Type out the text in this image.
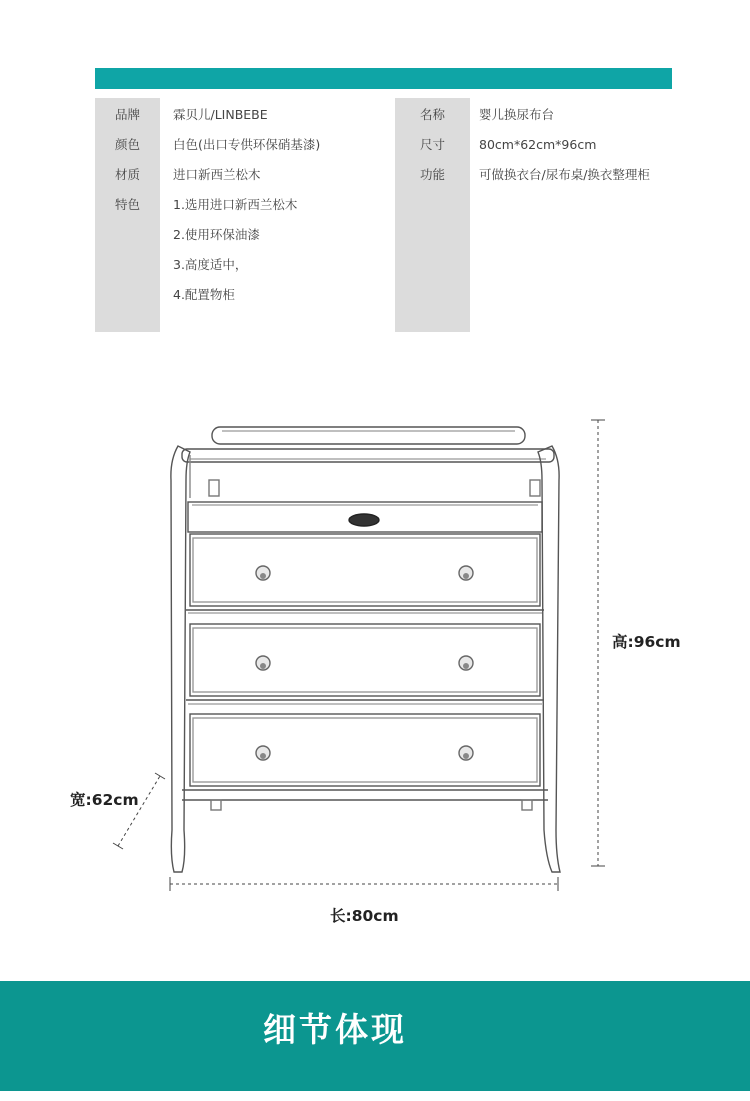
品牌	霖贝儿/LINBEBE	名称	婴儿换尿布台
颜色	白色(出口专供环保硝基漆)	尺寸	80cm*62cm*96cm
材质	进口新西兰松木	功能	可做换衣台/尿布桌/换衣整理柜
特色	1.选用进口新西兰松木
2.使用环保油漆
3.高度适中，
4.配置物柜
高:96cm
宽:62cm
长:80cm
细节体现
